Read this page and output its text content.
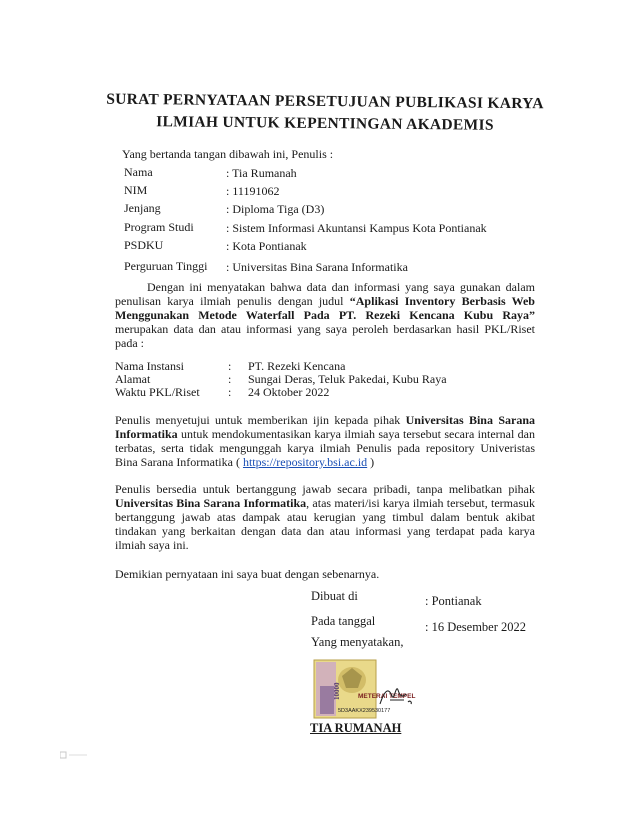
SURAT PERNYATAAN PERSETUJUAN PUBLIKASI KARYA
ILMIAH UNTUK KEPENTINGAN AKADEMIS
Yang bertanda tangan dibawah ini, Penulis :
Nama	: Tia Rumanah
NIM	: 11191062
Jenjang	: Diploma Tiga (D3)
Program Studi	: Sistem Informasi Akuntansi Kampus Kota Pontianak
PSDKU	: Kota Pontianak
Perguruan Tinggi : Universitas Bina Sarana Informatika
Dengan ini menyatakan bahwa data dan informasi yang saya gunakan dalam penulisan karya ilmiah penulis dengan judul “Aplikasi Inventory Berbasis Web Menggunakan Metode Waterfall Pada PT. Rezeki Kencana Kubu Raya” merupakan data dan atau informasi yang saya peroleh berdasarkan hasil PKL/Riset pada :
Nama Instansi	: PT. Rezeki Kencana
Alamat	: Sungai Deras, Teluk Pakedai, Kubu Raya
Waktu PKL/Riset : 24 Oktober 2022
Penulis menyetujui untuk memberikan ijin kepada pihak Universitas Bina Sarana Informatika untuk mendokumentasikan karya ilmiah saya tersebut secara internal dan terbatas, serta tidak mengunggah karya ilmiah Penulis pada repository Univeristas Bina Sarana Informatika ( https://repository.bsi.ac.id )
Penulis bersedia untuk bertanggung jawab secara pribadi, tanpa melibatkan pihak Universitas Bina Sarana Informatika, atas materi/isi karya ilmiah tersebut, termasuk bertanggung jawab atas dampak atau kerugian yang timbul dalam bentuk akibat tindakan yang berkaitan dengan data dan atau informasi yang terdapat pada karya ilmiah saya ini.
Demikian pernyataan ini saya buat dengan sebenarnya.
Dibuat di	: Pontianak
Pada tanggal	: 16 Desember 2022
Yang menyatakan,
10000	METERAI TEMPEL
5D3AAKX239530177
TIA RUMANAH
